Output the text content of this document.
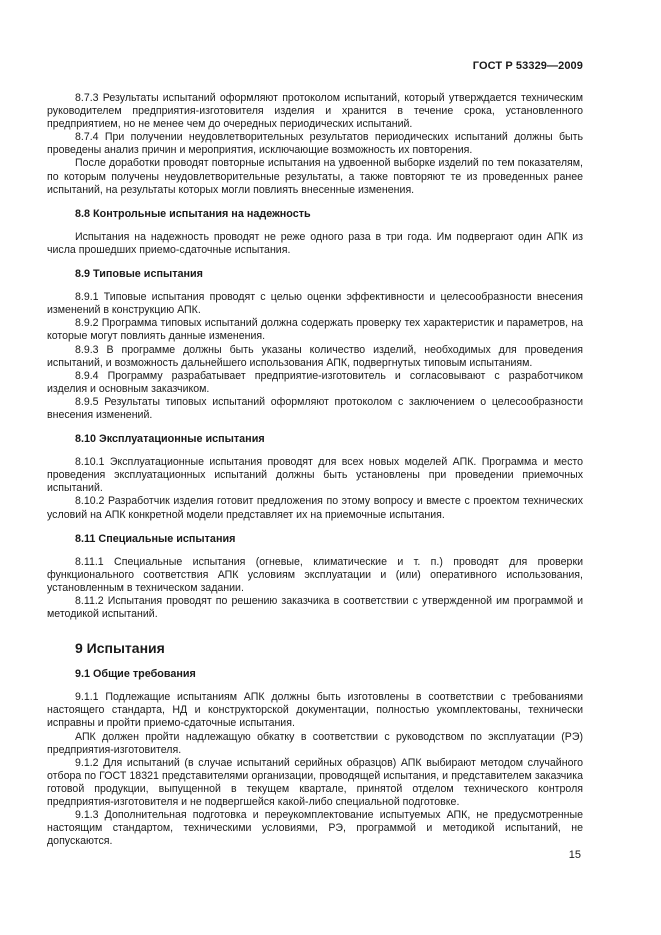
ГОСТ Р 53329—2009
8.7.3 Результаты испытаний оформляют протоколом испытаний, который утверждается техническим руководителем предприятия-изготовителя изделия и хранится в течение срока, установленного предприятием, но не менее чем до очередных периодических испытаний.
8.7.4 При получении неудовлетворительных результатов периодических испытаний должны быть проведены анализ причин и мероприятия, исключающие возможность их повторения.
После доработки проводят повторные испытания на удвоенной выборке изделий по тем показателям, по которым получены неудовлетворительные результаты, а также повторяют те из проведенных ранее испытаний, на результаты которых могли повлиять внесенные изменения.
8.8 Контрольные испытания на надежность
Испытания на надежность проводят не реже одного раза в три года. Им подвергают один АПК из числа прошедших приемо-сдаточные испытания.
8.9 Типовые испытания
8.9.1 Типовые испытания проводят с целью оценки эффективности и целесообразности внесения изменений в конструкцию АПК.
8.9.2 Программа типовых испытаний должна содержать проверку тех характеристик и параметров, на которые могут повлиять данные изменения.
8.9.3 В программе должны быть указаны количество изделий, необходимых для проведения испытаний, и возможность дальнейшего использования АПК, подвергнутых типовым испытаниям.
8.9.4 Программу разрабатывает предприятие-изготовитель и согласовывают с разработчиком изделия и основным заказчиком.
8.9.5 Результаты типовых испытаний оформляют протоколом с заключением о целесообразности внесения изменений.
8.10 Эксплуатационные испытания
8.10.1 Эксплуатационные испытания проводят для всех новых моделей АПК. Программа и место проведения эксплуатационных испытаний должны быть установлены при проведении приемочных испытаний.
8.10.2 Разработчик изделия готовит предложения по этому вопросу и вместе с проектом технических условий на АПК конкретной модели представляет их на приемочные испытания.
8.11 Специальные испытания
8.11.1 Специальные испытания (огневые, климатические и т. п.) проводят для проверки функционального соответствия АПК условиям эксплуатации и (или) оперативного использования, установленным в техническом задании.
8.11.2 Испытания проводят по решению заказчика в соответствии с утвержденной им программой и методикой испытаний.
9 Испытания
9.1 Общие требования
9.1.1 Подлежащие испытаниям АПК должны быть изготовлены в соответствии с требованиями настоящего стандарта, НД и конструкторской документации, полностью укомплектованы, технически исправны и пройти приемо-сдаточные испытания.
АПК должен пройти надлежащую обкатку в соответствии с руководством по эксплуатации (РЭ) предприятия-изготовителя.
9.1.2 Для испытаний (в случае испытаний серийных образцов) АПК выбирают методом случайного отбора по ГОСТ 18321 представителями организации, проводящей испытания, и представителем заказчика готовой продукции, выпущенной в текущем квартале, принятой отделом технического контроля предприятия-изготовителя и не подвергшейся какой-либо специальной подготовке.
9.1.3 Дополнительная подготовка и переукомплектование испытуемых АПК, не предусмотренные настоящим стандартом, техническими условиями, РЭ, программой и методикой испытаний, не допускаются.
15
